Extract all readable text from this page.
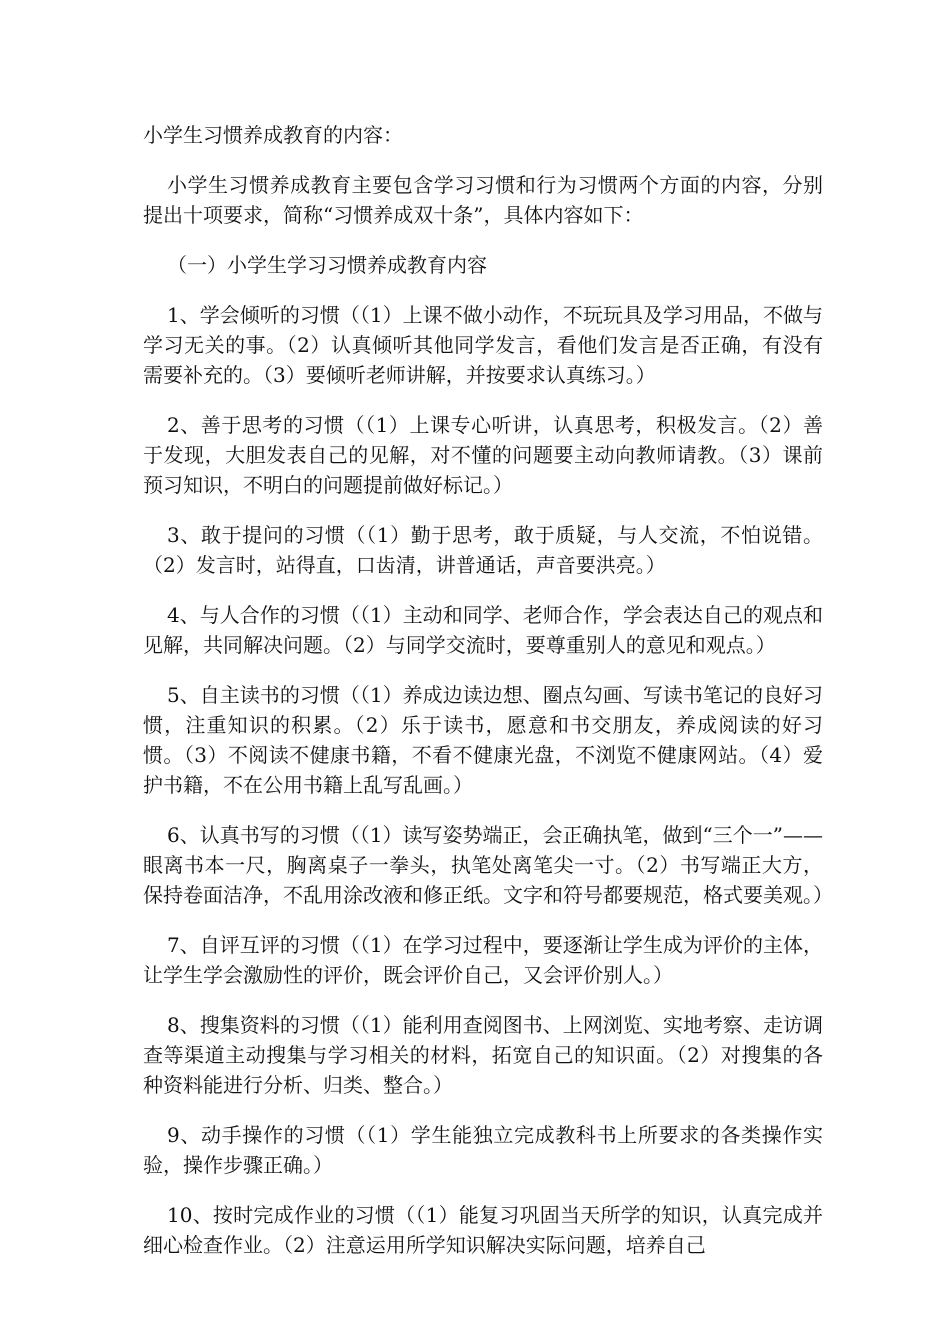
小学生习惯养成教育的内容：

小学生习惯养成教育主要包含学习习惯和行为习惯两个方面的内容，分别提出十项要求，简称“习惯养成双十条”，具体内容如下：

（一）小学生学习习惯养成教育内容

1、学会倾听的习惯（（1）上课不做小动作，不玩玩具及学习用品，不做与学习无关的事。（2）认真倾听其他同学发言，看他们发言是否正确，有没有需要补充的。（3）要倾听老师讲解，并按要求认真练习。）

2、善于思考的习惯（（1）上课专心听讲，认真思考，积极发言。（2）善于发现，大胆发表自己的见解，对不懂的问题要主动向教师请教。（3）课前预习知识，不明白的问题提前做好标记。）

3、敢于提问的习惯（（1）勤于思考，敢于质疑，与人交流，不怕说错。（2）发言时，站得直，口齿清，讲普通话，声音要洪亮。）

4、与人合作的习惯（（1）主动和同学、老师合作，学会表达自己的观点和见解，共同解决问题。（2）与同学交流时，要尊重别人的意见和观点。）

5、自主读书的习惯（（1）养成边读边想、圈点勾画、写读书笔记的良好习惯，注重知识的积累。（2）乐于读书，愿意和书交朋友，养成阅读的好习惯。（3）不阅读不健康书籍，不看不健康光盘，不浏览不健康网站。（4）爱护书籍，不在公用书籍上乱写乱画。）

6、认真书写的习惯（（1）读写姿势端正，会正确执笔，做到“三个一”——眼离书本一尺，胸离桌子一拳头，执笔处离笔尖一寸。（2）书写端正大方，保持卷面洁净，不乱用涂改液和修正纸。文字和符号都要规范，格式要美观。）

7、自评互评的习惯（（1）在学习过程中，要逐渐让学生成为评价的主体，让学生学会激励性的评价，既会评价自己，又会评价别人。）

8、搜集资料的习惯（（1）能利用查阅图书、上网浏览、实地考察、走访调查等渠道主动搜集与学习相关的材料，拓宽自己的知识面。（2）对搜集的各种资料能进行分析、归类、整合。）

9、动手操作的习惯（（1）学生能独立完成教科书上所要求的各类操作实验，操作步骤正确。）

10、按时完成作业的习惯（（1）能复习巩固当天所学的知识，认真完成并细心检查作业。（2）注意运用所学知识解决实际问题，培养自己
